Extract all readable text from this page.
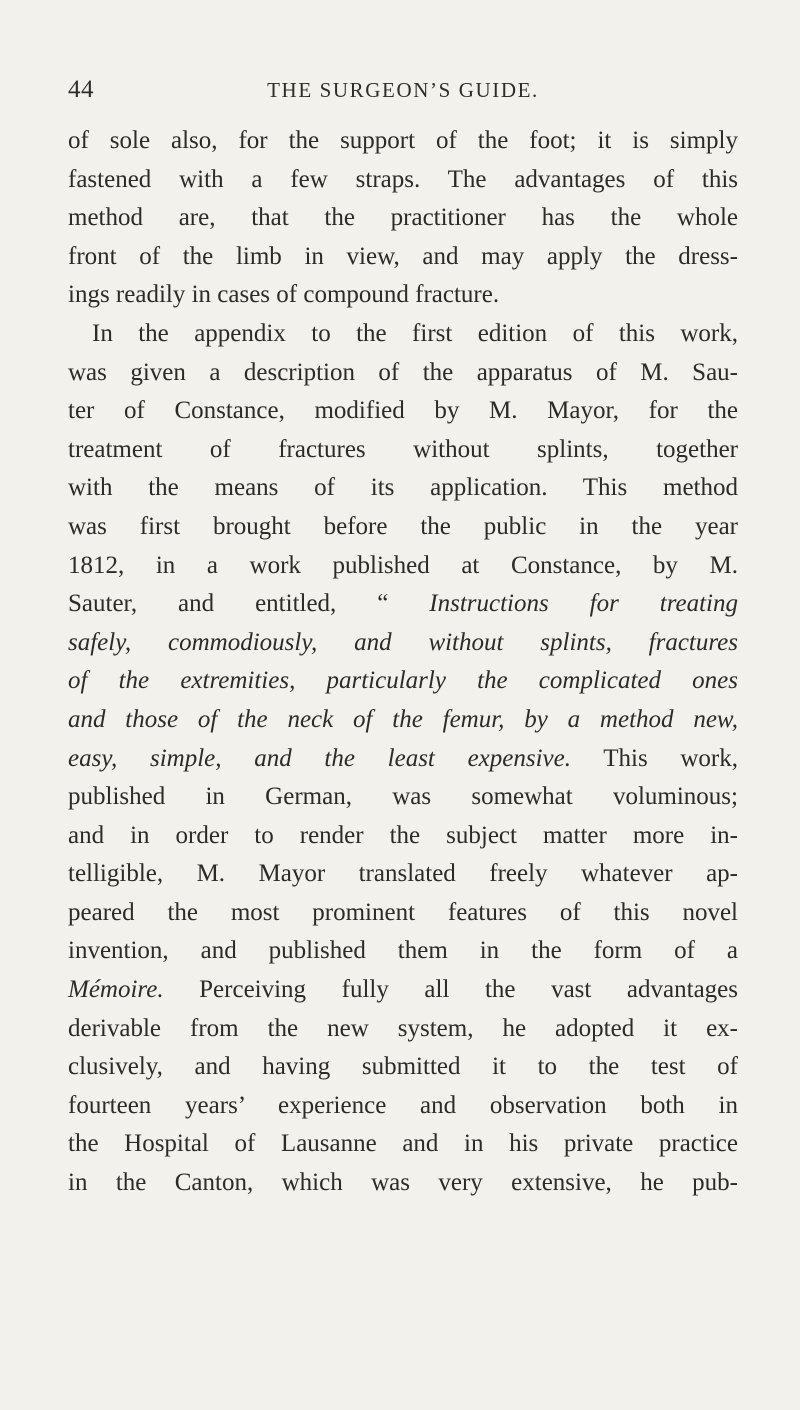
44	THE SURGEON’S GUIDE.
of sole also, for the support of the foot; it is simply
fastened with a few straps. The advantages of this
method are, that the practitioner has the whole
front of the limb in view, and may apply the dress-
ings readily in cases of compound fracture.
In the appendix to the first edition of this work,
was given a description of the apparatus of M. Sau-
ter of Constance, modified by M. Mayor, for the
treatment of fractures without splints, together
with the means of its application. This method
was first brought before the public in the year
1812, in a work published at Constance, by M.
Sauter, and entitled, “ Instructions for treating
safely, commodiously, and without splints, fractures
of the extremities, particularly the complicated ones
and those of the neck of the femur, by a method new,
easy, simple, and the least expensive. This work,
published in German, was somewhat voluminous;
and in order to render the subject matter more in-
telligible, M. Mayor translated freely whatever ap-
peared the most prominent features of this novel
invention, and published them in the form of a
Mémoire. Perceiving fully all the vast advantages
derivable from the new system, he adopted it ex-
clusively, and having submitted it to the test of
fourteen years’ experience and observation both in
the Hospital of Lausanne and in his private practice
in the Canton, which was very extensive, he pub-
